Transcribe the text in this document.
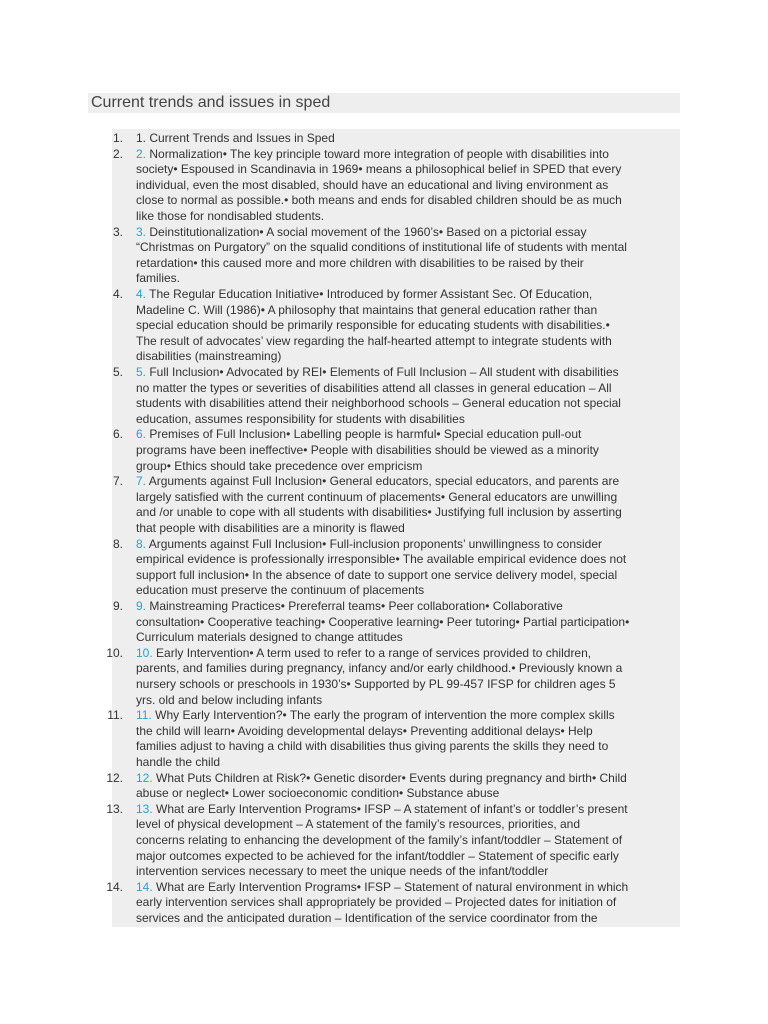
Current trends and issues in sped
1. 1. Current Trends and Issues in Sped
2. 2. Normalization• The key principle toward more integration of people with disabilities into
society• Espoused in Scandinavia in 1969• means a philosophical belief in SPED that every
individual, even the most disabled, should have an educational and living environment as
close to normal as possible.• both means and ends for disabled children should be as much
like those for nondisabled students.
3. 3. Deinstitutionalization• A social movement of the 1960’s• Based on a pictorial essay
“Christmas on Purgatory” on the squalid conditions of institutional life of students with mental
retardation• this caused more and more children with disabilities to be raised by their
families.
4. 4. The Regular Education Initiative• Introduced by former Assistant Sec. Of Education,
Madeline C. Will (1986)• A philosophy that maintains that general education rather than
special education should be primarily responsible for educating students with disabilities.•
The result of advocates’ view regarding the half-hearted attempt to integrate students with
disabilities (mainstreaming)
5. 5. Full Inclusion• Advocated by REI• Elements of Full Inclusion – All student with disabilities
no matter the types or severities of disabilities attend all classes in general education – All
students with disabilities attend their neighborhood schools – General education not special
education, assumes responsibility for students with disabilities
6. 6. Premises of Full Inclusion• Labelling people is harmful• Special education pull-out
programs have been ineffective• People with disabilities should be viewed as a minority
group• Ethics should take precedence over empricism
7. 7. Arguments against Full Inclusion• General educators, special educators, and parents are
largely satisfied with the current continuum of placements• General educators are unwilling
and /or unable to cope with all students with disabilities• Justifying full inclusion by asserting
that people with disabilities are a minority is flawed
8. 8. Arguments against Full Inclusion• Full-inclusion proponents’ unwillingness to consider
empirical evidence is professionally irresponsible• The available empirical evidence does not
support full inclusion• In the absence of date to support one service delivery model, special
education must preserve the continuum of placements
9. 9. Mainstreaming Practices• Prereferral teams• Peer collaboration• Collaborative
consultation• Cooperative teaching• Cooperative learning• Peer tutoring• Partial participation•
Curriculum materials designed to change attitudes
10. 10. Early Intervention• A term used to refer to a range of services provided to children,
parents, and families during pregnancy, infancy and/or early childhood.• Previously known a
nursery schools or preschools in 1930’s• Supported by PL 99-457 IFSP for children ages 5
yrs. old and below including infants
11. 11. Why Early Intervention?• The early the program of intervention the more complex skills
the child will learn• Avoiding developmental delays• Preventing additional delays• Help
families adjust to having a child with disabilities thus giving parents the skills they need to
handle the child
12. 12. What Puts Children at Risk?• Genetic disorder• Events during pregnancy and birth• Child
abuse or neglect• Lower socioeconomic condition• Substance abuse
13. 13. What are Early Intervention Programs• IFSP – A statement of infant’s or toddler’s present
level of physical development – A statement of the family’s resources, priorities, and
concerns relating to enhancing the development of the family’s infant/toddler – Statement of
major outcomes expected to be achieved for the infant/toddler – Statement of specific early
intervention services necessary to meet the unique needs of the infant/toddler
14. 14. What are Early Intervention Programs• IFSP – Statement of natural environment in which
early intervention services shall appropriately be provided – Projected dates for initiation of
services and the anticipated duration – Identification of the service coordinator from the
